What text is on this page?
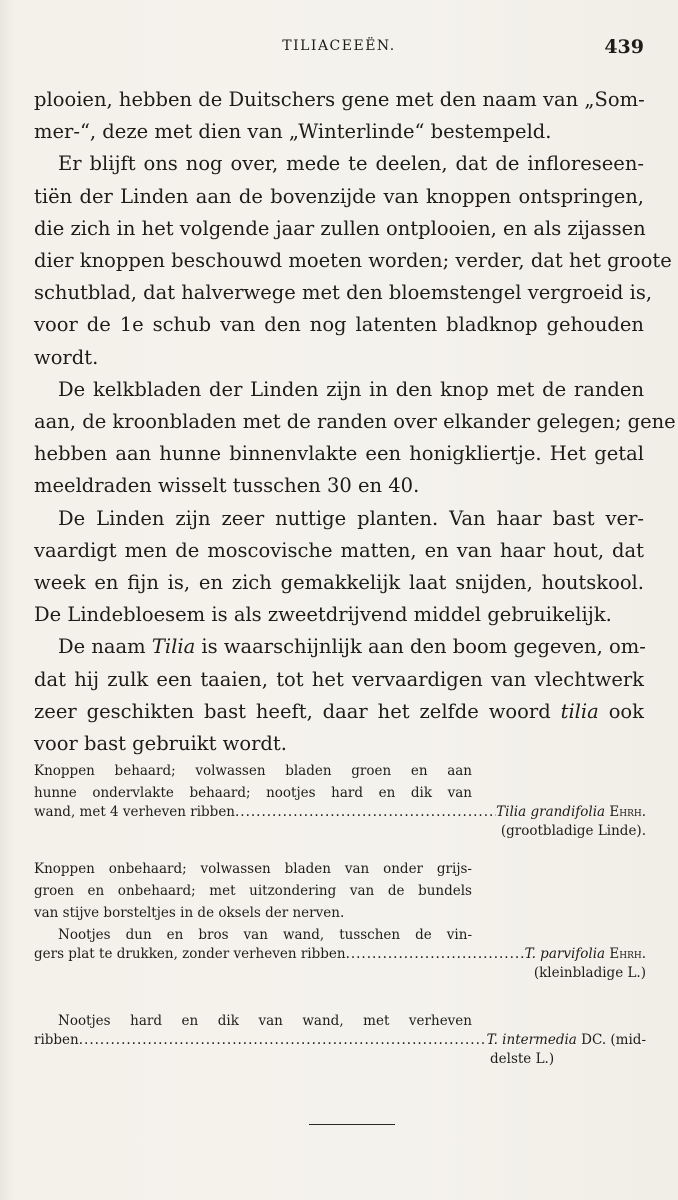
TILIACEEËN.	439
plooien, hebben de Duitschers gene met den naam van „Som-
mer-“, deze met dien van „Winterlinde“ bestempeld.
Er blijft ons nog over, mede te deelen, dat de infloreseen-
tiën der Linden aan de bovenzijde van knoppen ontspringen,
die zich in het volgende jaar zullen ontplooien, en als zijassen
dier knoppen beschouwd moeten worden; verder, dat het groote
schutblad, dat halverwege met den bloemstengel vergroeid is,
voor de 1e schub van den nog latenten bladknop gehouden
wordt.
De kelkbladen der Linden zijn in den knop met de randen
aan, de kroonbladen met de randen over elkander gelegen; gene
hebben aan hunne binnenvlakte een honigkliertje. Het getal
meeldraden wisselt tusschen 30 en 40.
De Linden zijn zeer nuttige planten. Van haar bast ver-
vaardigt men de moscovische matten, en van haar hout, dat
week en fijn is, en zich gemakkelijk laat snijden, houtskool.
De Lindebloesem is als zweetdrijvend middel gebruikelijk.
De naam Tilia is waarschijnlijk aan den boom gegeven, om-
dat hij zulk een taaien, tot het vervaardigen van vlechtwerk
zeer geschikten bast heeft, daar het zelfde woord tilia ook
voor bast gebruikt wordt.
Knoppen behaard; volwassen bladen groen en aan
hunne ondervlakte behaard; nootjes hard en dik van
wand, met 4 verheven ribben .....	Tilia grandifolia Ehrh.
(grootbladige Linde).
Knoppen onbehaard; volwassen bladen van onder grijs-
groen en onbehaard; met uitzondering van de bundels
van stijve borsteltjes in de oksels der nerven.
Nootjes dun en bros van wand, tusschen de vin-
gers plat te drukken, zonder verheven ribben .....	T. parvifolia Ehrh.
(kleinbladige L.)
Nootjes hard en dik van wand, met verheven
ribben .....	T. intermedia DC. (mid-
delste L.)
